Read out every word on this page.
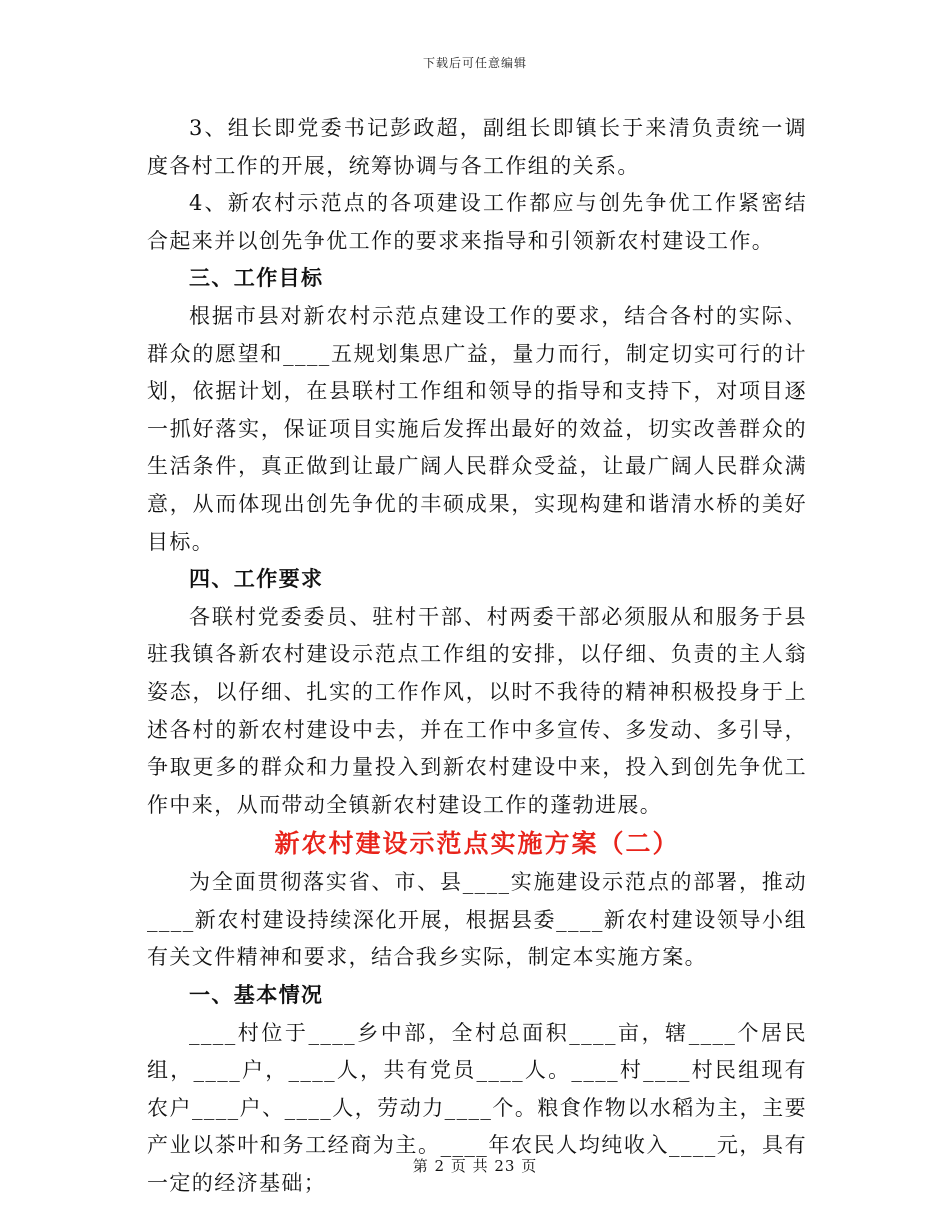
下载后可任意编辑

3、组长即党委书记彭政超，副组长即镇长于来清负责统一调度各村工作的开展，统筹协调与各工作组的关系。

4、新农村示范点的各项建设工作都应与创先争优工作紧密结合起来并以创先争优工作的要求来指导和引领新农村建设工作。

三、工作目标

根据市县对新农村示范点建设工作的要求，结合各村的实际、群众的愿望和____五规划集思广益，量力而行，制定切实可行的计划，依据计划，在县联村工作组和领导的指导和支持下，对项目逐一抓好落实，保证项目实施后发挥出最好的效益，切实改善群众的生活条件，真正做到让最广阔人民群众受益，让最广阔人民群众满意，从而体现出创先争优的丰硕成果，实现构建和谐清水桥的美好目标。

四、工作要求

各联村党委委员、驻村干部、村两委干部必须服从和服务于县驻我镇各新农村建设示范点工作组的安排，以仔细、负责的主人翁姿态，以仔细、扎实的工作作风，以时不我待的精神积极投身于上述各村的新农村建设中去，并在工作中多宣传、多发动、多引导，争取更多的群众和力量投入到新农村建设中来，投入到创先争优工作中来，从而带动全镇新农村建设工作的蓬勃进展。

新农村建设示范点实施方案（二）

为全面贯彻落实省、市、县____实施建设示范点的部署，推动____新农村建设持续深化开展，根据县委____新农村建设领导小组有关文件精神和要求，结合我乡实际，制定本实施方案。

一、基本情况

____村位于____乡中部，全村总面积____亩，辖____个居民组，____户，____人，共有党员____人。____村____村民组现有农户____户、____人，劳动力____个。粮食作物以水稻为主，主要产业以茶叶和务工经商为主。____年农民人均纯收入____元，具有一定的经济基础；

第 2 页 共 23 页
